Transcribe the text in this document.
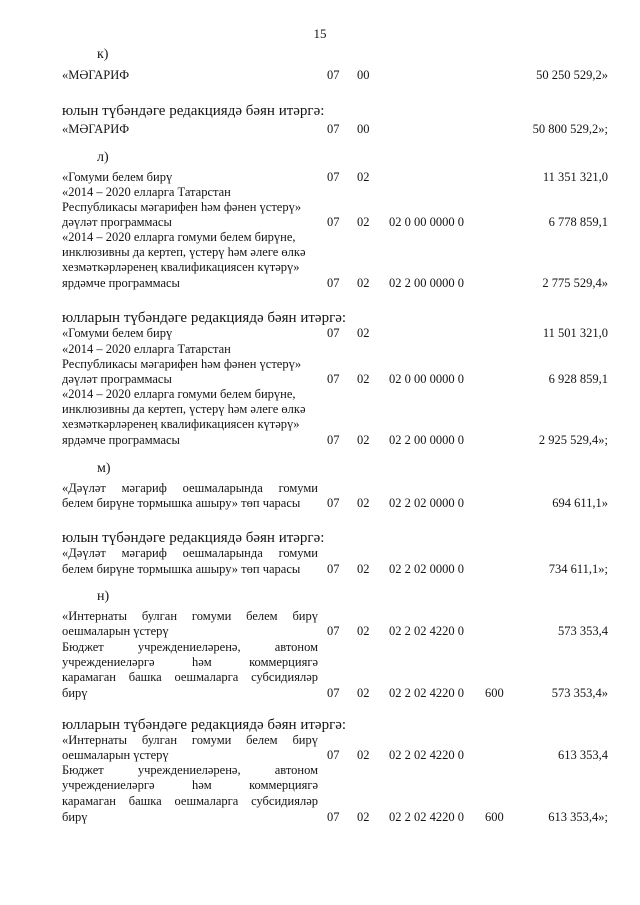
15
к)
«МӘГАРИФ	07 00	50 250 529,2»
юлын түбәндәге редакциядә бәян итәргә:
«МӘГАРИФ	07 00	50 800 529,2»;
л)
«Гомуми белем бирү	07 02	11 351 321,0
«2014 – 2020 елларга Татарстан
Республикасы мәгарифен һәм фәнен үстерү»
дәүләт программасы	07 02 02 0 00 0000 0	6 778 859,1
«2014 – 2020 елларга гомуми белем бирүне,
инклюзивны да кертеп, үстерү һәм әлеге өлкә
хезмәткәрләренең квалификациясен күтәрү»
ярдәмче программасы	07 02 02 2 00 0000 0	2 775 529,4»
юлларын түбәндәге редакциядә бәян итәргә:
«Гомуми белем бирү	07 02	11 501 321,0
«2014 – 2020 елларга Татарстан
Республикасы мәгарифен һәм фәнен үстерү»
дәүләт программасы	07 02 02 0 00 0000 0	6 928 859,1
«2014 – 2020 елларга гомуми белем бирүне,
инклюзивны да кертеп, үстерү һәм әлеге өлкә
хезмәткәрләренең квалификациясен күтәрү»
ярдәмче программасы	07 02 02 2 00 0000 0	2 925 529,4»;
м)
«Дәүләт мәгариф оешмаларында гомуми
белем бирүне тормышка ашыру» төп чарасы	07 02 02 2 02 0000 0	694 611,1»
юлын түбәндәге редакциядә бәян итәргә:
«Дәүләт мәгариф оешмаларында гомуми
белем бирүне тормышка ашыру» төп чарасы	07 02 02 2 02 0000 0	734 611,1»;
н)
«Интернаты булган гомуми белем бирү
оешмаларын үстерү	07 02 02 2 02 4220 0	573 353,4
Бюджет учреждениеләренә, автоном
учреждениеләргә һәм коммерциягә
карамаган башка оешмаларга субсидияләр
бирү	07 02 02 2 02 4220 0 600	573 353,4»
юлларын түбәндәге редакциядә бәян итәргә:
«Интернаты булган гомуми белем бирү
оешмаларын үстерү	07 02 02 2 02 4220 0	613 353,4
Бюджет учреждениеләренә, автоном
учреждениеләргә һәм коммерциягә
карамаган башка оешмаларга субсидияләр
бирү	07 02 02 2 02 4220 0 600	613 353,4»;
